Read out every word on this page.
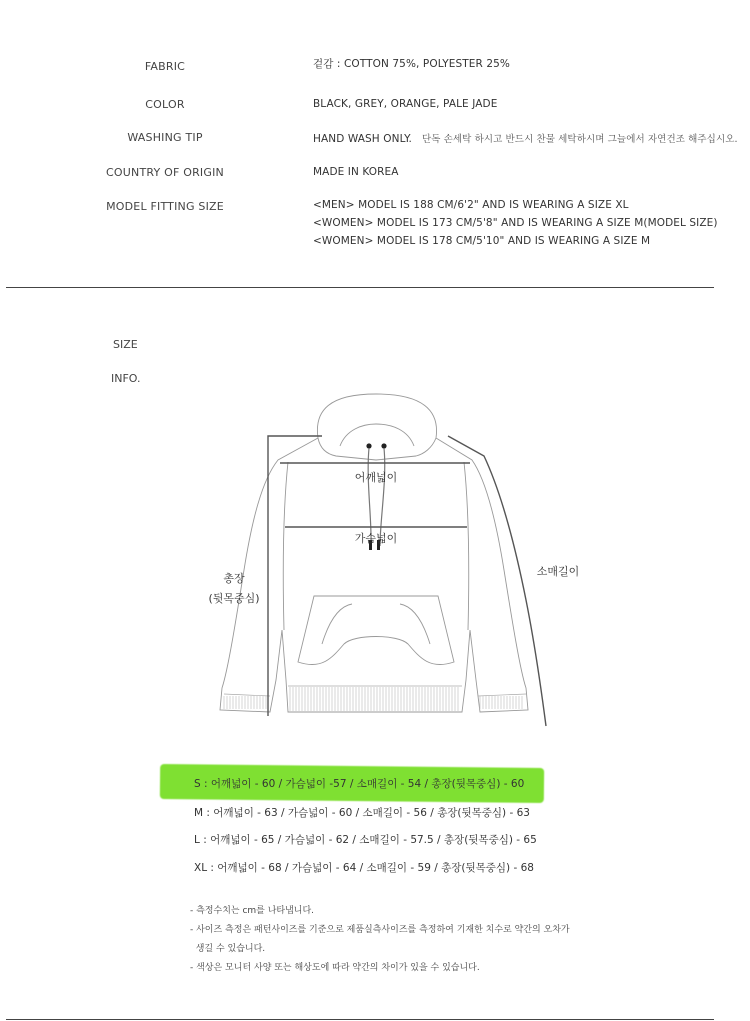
FABRIC	겉감 : COTTON 75%, POLYESTER 25%
COLOR	BLACK, GREY, ORANGE, PALE JADE
WASHING TIP	HAND WASH ONLY. 단독 손세탁 하시고 반드시 찬물 세탁하시며 그늘에서 자연건조 해주십시오.
COUNTRY OF ORIGIN	MADE IN KOREA
MODEL FITTING SIZE	<MEN> MODEL IS 188 CM/6'2" AND IS WEARING A SIZE XL
<WOMEN> MODEL IS 173 CM/5'8" AND IS WEARING A SIZE M(MODEL SIZE)
<WOMEN> MODEL IS 178 CM/5'10" AND IS WEARING A SIZE M
SIZE
INFO.
어깨넓이
가슴넓이
소매길이
총장
(뒷목중심)
S : 어깨넓이 - 60 / 가슴넓이 -57 / 소매길이 - 54 / 총장(뒷목중심) - 60
M : 어깨넓이 - 63 / 가슴넓이 - 60 / 소매길이 - 56 / 총장(뒷목중심) - 63
L : 어깨넓이 - 65 / 가슴넓이 - 62 / 소매길이 - 57.5 / 총장(뒷목중심) - 65
XL : 어깨넓이 - 68 / 가슴넓이 - 64 / 소매길이 - 59 / 총장(뒷목중심) - 68
- 측정수치는 cm를 나타냅니다.
- 사이즈 측정은 패턴사이즈를 기준으로 제품실측사이즈를 측정하여 기재한 치수로 약간의 오차가
생길 수 있습니다.
- 색상은 모니터 사양 또는 해상도에 따라 약간의 차이가 있을 수 있습니다.
